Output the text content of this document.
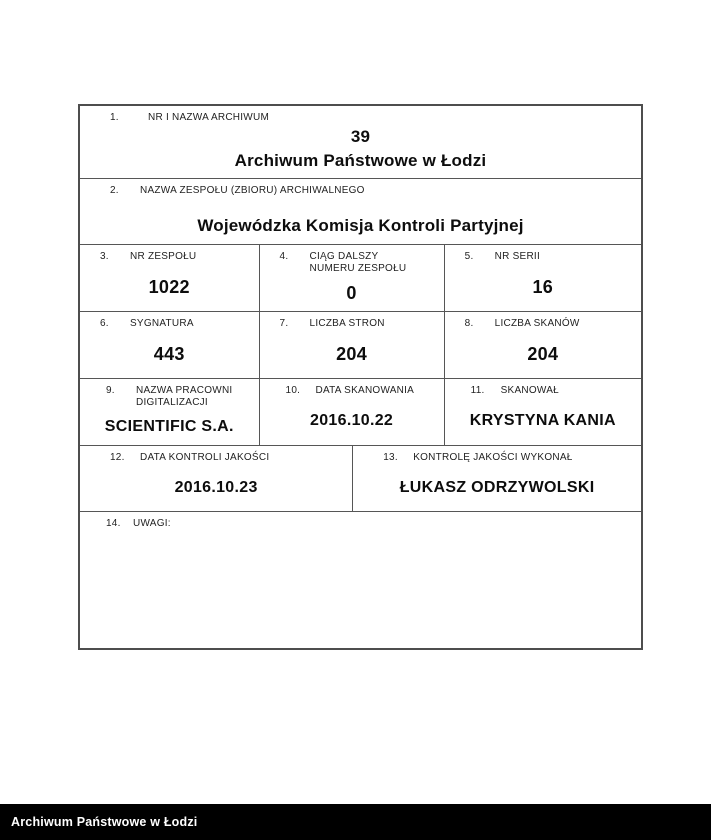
1.	NR I NAZWA ARCHIWUM
39
Archiwum Państwowe w Łodzi
2.	NAZWA ZESPOŁU (ZBIORU) ARCHIWALNEGO
Wojewódzka Komisja Kontroli Partyjnej
3.	NR ZESPOŁU
1022
4.	CIĄG DALSZY NUMERU ZESPOŁU
0
5.	NR SERII
16
6.	SYGNATURA
443
7.	LICZBA STRON
204
8.	LICZBA SKANÓW
204
9.	NAZWA PRACOWNI DIGITALIZACJI
SCIENTIFIC S.A.
10.	DATA SKANOWANIA
2016.10.22
11.	SKANOWAŁ
KRYSTYNA KANIA
12.	DATA KONTROLI JAKOŚCI
2016.10.23
13.	KONTROLĘ JAKOŚCI WYKONAŁ
ŁUKASZ ODRZYWOLSKI
14.	UWAGI:
Archiwum Państwowe w Łodzi
